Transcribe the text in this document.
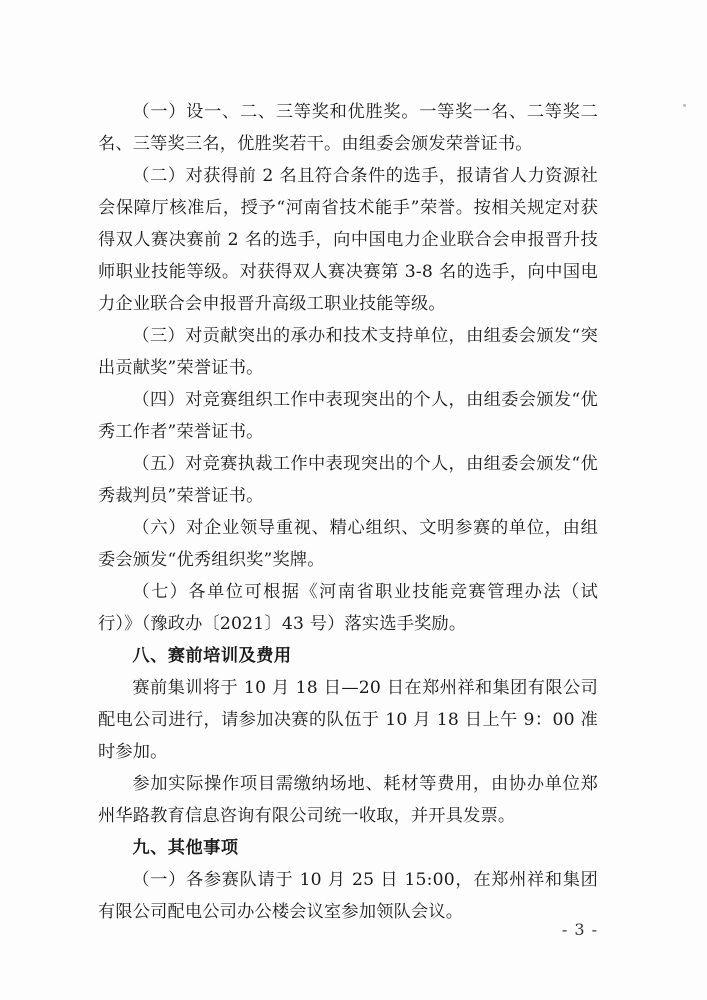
（一）设一、二、三等奖和优胜奖。一等奖一名、二等奖二名、三等奖三名，优胜奖若干。由组委会颁发荣誉证书。

（二）对获得前 2 名且符合条件的选手，报请省人力资源社会保障厅核准后，授予“河南省技术能手”荣誉。按相关规定对获得双人赛决赛前 2 名的选手，向中国电力企业联合会申报晋升技师职业技能等级。对获得双人赛决赛第 3-8 名的选手，向中国电力企业联合会申报晋升高级工职业技能等级。

（三）对贡献突出的承办和技术支持单位，由组委会颁发“突出贡献奖”荣誉证书。

（四）对竞赛组织工作中表现突出的个人，由组委会颁发“优秀工作者”荣誉证书。

（五）对竞赛执裁工作中表现突出的个人，由组委会颁发“优秀裁判员”荣誉证书。

（六）对企业领导重视、精心组织、文明参赛的单位，由组委会颁发“优秀组织奖”奖牌。

（七）各单位可根据《河南省职业技能竞赛管理办法（试行）》（豫政办〔2021〕43 号）落实选手奖励。

八、赛前培训及费用

赛前集训将于 10 月 18 日—20 日在郑州祥和集团有限公司配电公司进行，请参加决赛的队伍于 10 月 18 日上午 9：00 准时参加。

参加实际操作项目需缴纳场地、耗材等费用，由协办单位郑州华路教育信息咨询有限公司统一收取，并开具发票。

九、其他事项

（一）各参赛队请于 10 月 25 日 15:00，在郑州祥和集团有限公司配电公司办公楼会议室参加领队会议。

- 3 -
